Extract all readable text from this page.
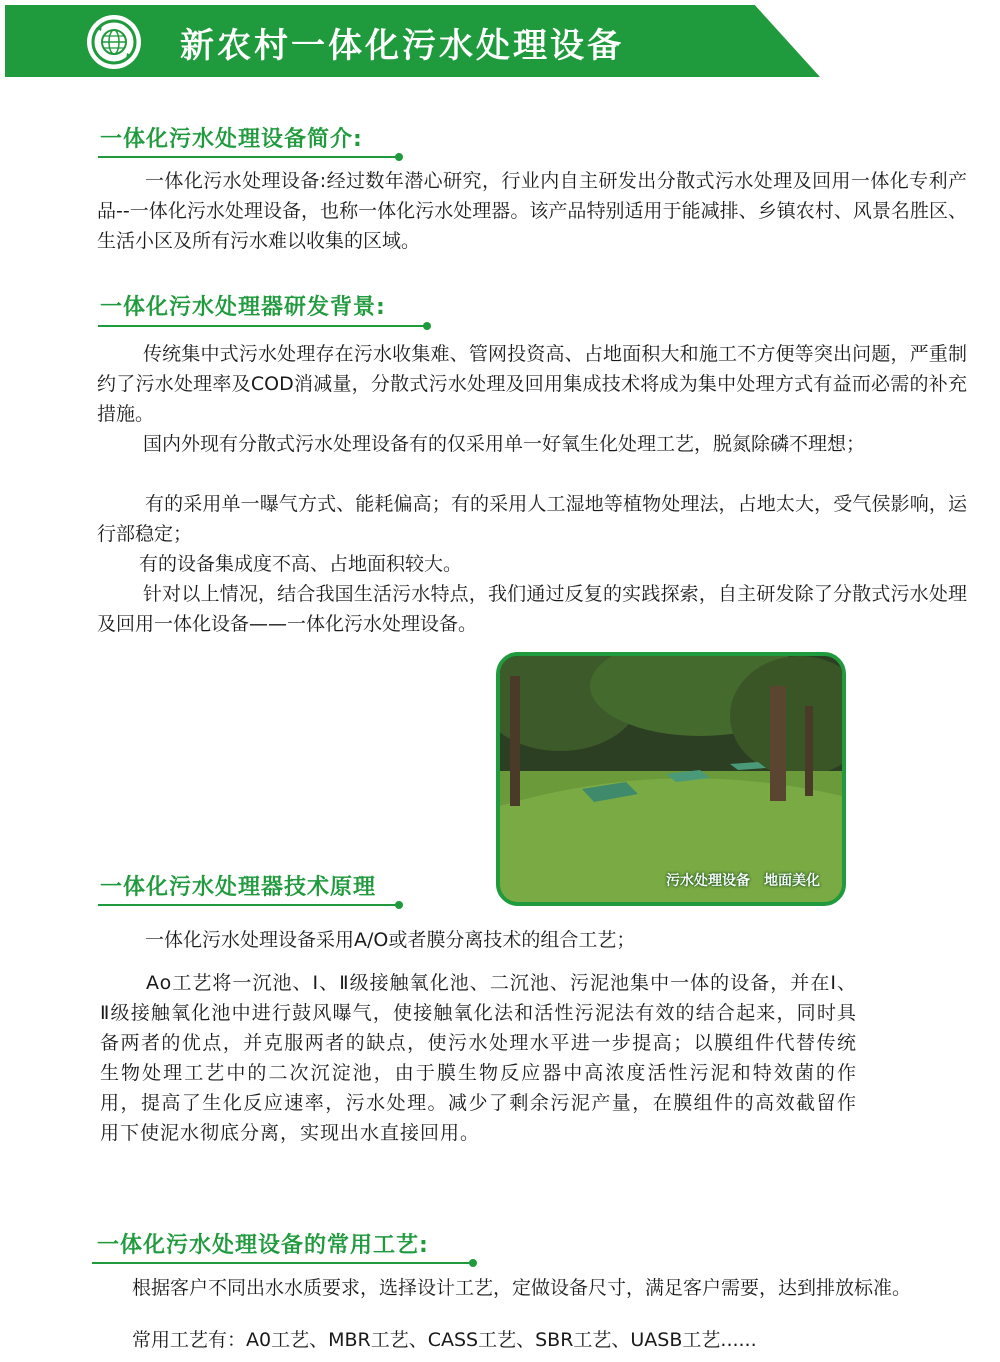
新农村一体化污水处理设备
一体化污水处理设备简介:

一体化污水处理设备:经过数年潜心研究，行业内自主研发出分散式污水处理及回用一体化专利产品--一体化污水处理设备，也称一体化污水处理器。该产品特别适用于能减排、乡镇农村、风景名胜区、生活小区及所有污水难以收集的区域。

一体化污水处理器研发背景:

传统集中式污水处理存在污水收集难、管网投资高、占地面积大和施工不方便等突出问题，严重制约了污水处理率及COD消减量，分散式污水处理及回用集成技术将成为集中处理方式有益而必需的补充措施。

国内外现有分散式污水处理设备有的仅采用单一好氧生化处理工艺，脱氮除磷不理想；

有的采用单一曝气方式、能耗偏高；有的采用人工湿地等植物处理法，占地太大，受气侯影响，运行部稳定；

有的设备集成度不高、占地面积较大。

针对以上情况，结合我国生活污水特点，我们通过反复的实践探索，自主研发除了分散式污水处理及回用一体化设备——一体化污水处理设备。

污水处理设备　地面美化
一体化污水处理器技术原理

一体化污水处理设备采用A/O或者膜分离技术的组合工艺；

Ao工艺将一沉池、Ⅰ、Ⅱ级接触氧化池、二沉池、污泥池集中一体的设备，并在Ⅰ、Ⅱ级接触氧化池中进行鼓风曝气，使接触氧化法和活性污泥法有效的结合起来，同时具备两者的优点，并克服两者的缺点，使污水处理水平进一步提高；以膜组件代替传统生物处理工艺中的二次沉淀池，由于膜生物反应器中高浓度活性污泥和特效菌的作用，提高了生化反应速率，污水处理。减少了剩余污泥产量，在膜组件的高效截留作用下使泥水彻底分离，实现出水直接回用。

一体化污水处理设备的常用工艺:

根据客户不同出水水质要求，选择设计工艺，定做设备尺寸，满足客户需要，达到排放标准。

常用工艺有：A0工艺、MBR工艺、CASS工艺、SBR工艺、UASB工艺......
